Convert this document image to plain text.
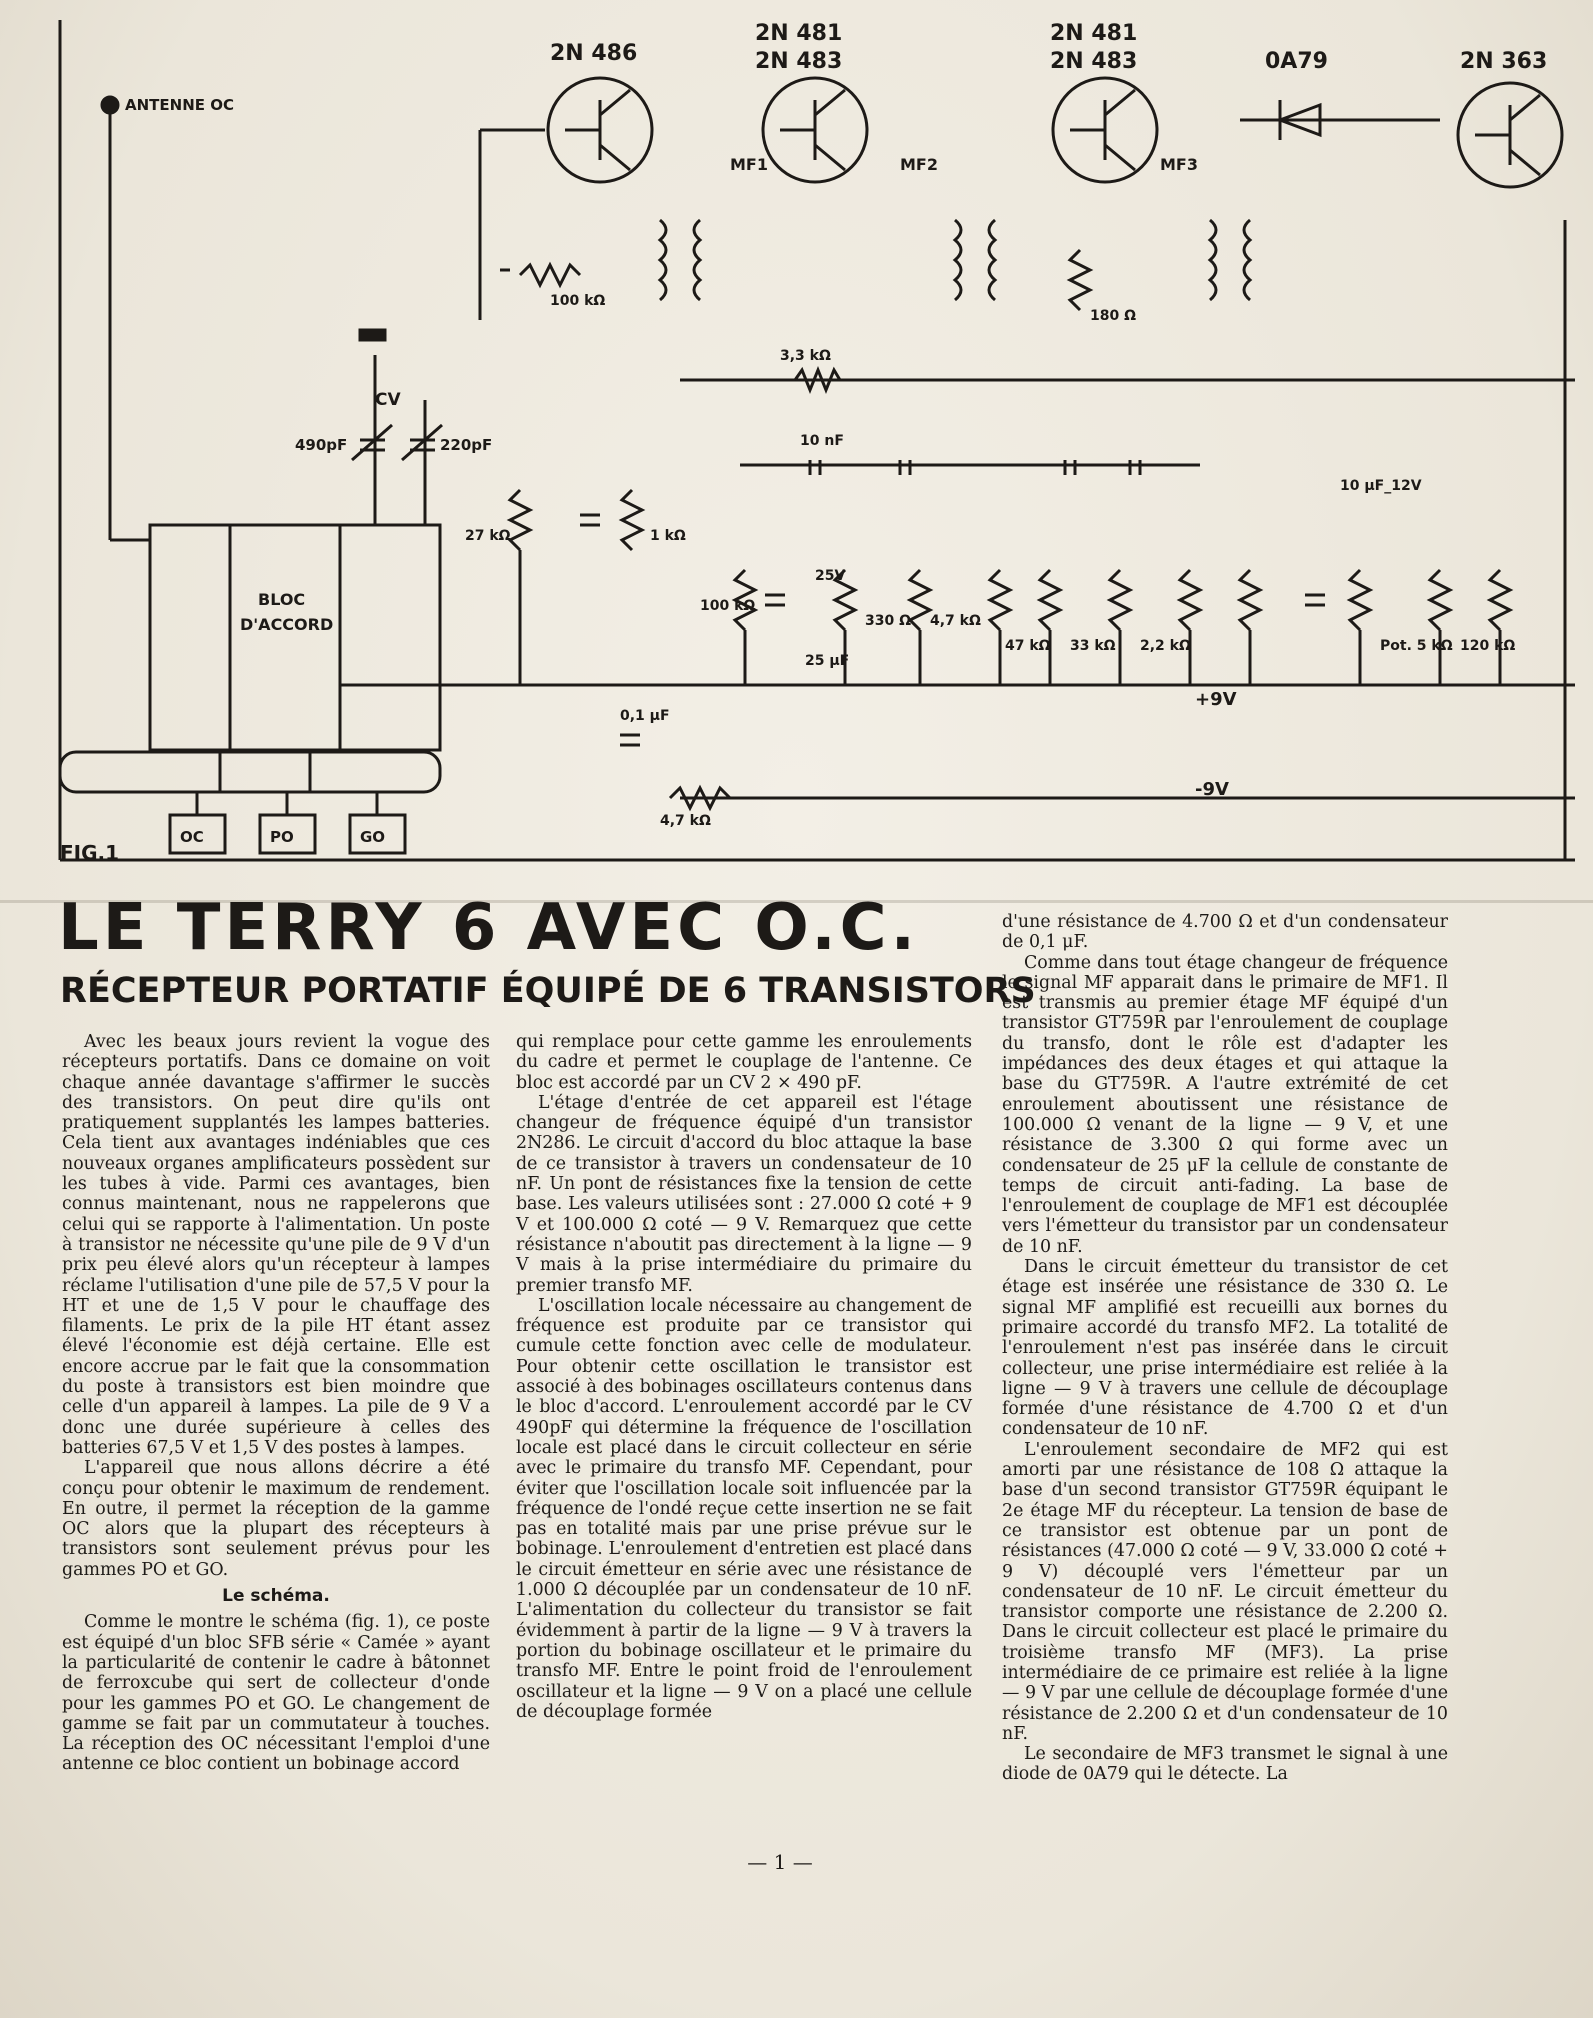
2N 486
2N 481
2N 483
2N 481
2N 483	2N 363
0A79
ANTENNE OC
MF1	MF2	MF3
BLOC
D'ACCORD
CV
490pF	220pF
OC	PO	GO
+9V
-9V
FIG.1
100 kΩ
3,3 kΩ
27 kΩ	1 kΩ
10 nF
100 kΩ
25V
25 μF
330 Ω 4,7 kΩ
47 kΩ 33 kΩ 2,2 kΩ
180 Ω
10 μF_12V
Pot. 5 kΩ 120 kΩ
0,1 μF
4,7 kΩ
LE TERRY 6 AVEC O.C.
RÉCEPTEUR PORTATIF ÉQUIPÉ DE 6 TRANSISTORS

Avec les beaux jours revient la vogue des récepteurs portatifs. Dans ce domaine on voit chaque année davantage s'affirmer le succès des transistors. On peut dire qu'ils ont pratiquement supplantés les lampes batteries. Cela tient aux avantages indéniables que ces nouveaux organes amplificateurs possèdent sur les tubes à vide. Parmi ces avantages, bien connus maintenant, nous ne rappelerons que celui qui se rapporte à l'alimentation. Un poste à transistor ne nécessite qu'une pile de 9 V d'un prix peu élevé alors qu'un récepteur à lampes réclame l'utilisation d'une pile de 57,5 V pour la HT et une de 1,5 V pour le chauffage des filaments. Le prix de la pile HT étant assez élevé l'économie est déjà certaine. Elle est encore accrue par le fait que la consommation du poste à transistors est bien moindre que celle d'un appareil à lampes. La pile de 9 V a donc une durée supérieure à celles des batteries 67,5 V et 1,5 V des postes à lampes.

L'appareil que nous allons décrire a été conçu pour obtenir le maximum de rendement. En outre, il permet la réception de la gamme OC alors que la plupart des récepteurs à transistors sont seulement prévus pour les gammes PO et GO.

Le schéma.

Comme le montre le schéma (fig. 1), ce poste est équipé d'un bloc SFB série « Camée » ayant la particularité de contenir le cadre à bâtonnet de ferroxcube qui sert de collecteur d'onde pour les gammes PO et GO. Le changement de gamme se fait par un commutateur à touches. La réception des OC nécessitant l'emploi d'une antenne ce bloc contient un bobinage accord

qui remplace pour cette gamme les enroulements du cadre et permet le couplage de l'antenne. Ce bloc est accordé par un CV 2 × 490 pF.

L'étage d'entrée de cet appareil est l'étage changeur de fréquence équipé d'un transistor 2N286. Le circuit d'accord du bloc attaque la base de ce transistor à travers un condensateur de 10 nF. Un pont de résistances fixe la tension de cette base. Les valeurs utilisées sont : 27.000 Ω coté + 9 V et 100.000 Ω coté — 9 V. Remarquez que cette résistance n'aboutit pas directement à la ligne — 9 V mais à la prise intermédiaire du primaire du premier transfo MF.

L'oscillation locale nécessaire au changement de fréquence est produite par ce transistor qui cumule cette fonction avec celle de modulateur. Pour obtenir cette oscillation le transistor est associé à des bobinages oscillateurs contenus dans le bloc d'accord. L'enroulement accordé par le CV 490pF qui détermine la fréquence de l'oscillation locale est placé dans le circuit collecteur en série avec le primaire du transfo MF. Cependant, pour éviter que l'oscillation locale soit influencée par la fréquence de l'ondé reçue cette insertion ne se fait pas en totalité mais par une prise prévue sur le bobinage. L'enroulement d'entretien est placé dans le circuit émetteur en série avec une résistance de 1.000 Ω découplée par un condensateur de 10 nF. L'alimentation du collecteur du transistor se fait évidemment à partir de la ligne — 9 V à travers la portion du bobinage oscillateur et le primaire du transfo MF. Entre le point froid de l'enroulement oscillateur et la ligne — 9 V on a placé une cellule de découplage formée

d'une résistance de 4.700 Ω et d'un condensateur de 0,1 μF.

Comme dans tout étage changeur de fréquence le signal MF apparait dans le primaire de MF1. Il est transmis au premier étage MF équipé d'un transistor GT759R par l'enroulement de couplage du transfo, dont le rôle est d'adapter les impédances des deux étages et qui attaque la base du GT759R. A l'autre extrémité de cet enroulement aboutissent une résistance de 100.000 Ω venant de la ligne — 9 V, et une résistance de 3.300 Ω qui forme avec un condensateur de 25 μF la cellule de constante de temps de circuit anti-fading. La base de l'enroulement de couplage de MF1 est découplée vers l'émetteur du transistor par un condensateur de 10 nF.

Dans le circuit émetteur du transistor de cet étage est insérée une résistance de 330 Ω. Le signal MF amplifié est recueilli aux bornes du primaire accordé du transfo MF2. La totalité de l'enroulement n'est pas insérée dans le circuit collecteur, une prise intermédiaire est reliée à la ligne — 9 V à travers une cellule de découplage formée d'une résistance de 4.700 Ω et d'un condensateur de 10 nF.

L'enroulement secondaire de MF2 qui est amorti par une résistance de 108 Ω attaque la base d'un second transistor GT759R équipant le 2e étage MF du récepteur. La tension de base de ce transistor est obtenue par un pont de résistances (47.000 Ω coté — 9 V, 33.000 Ω coté + 9 V) découplé vers l'émetteur par un condensateur de 10 nF. Le circuit émetteur du transistor comporte une résistance de 2.200 Ω. Dans le circuit collecteur est placé le primaire du troisième transfo MF (MF3). La prise intermédiaire de ce primaire est reliée à la ligne — 9 V par une cellule de découplage formée d'une résistance de 2.200 Ω et d'un condensateur de 10 nF.

Le secondaire de MF3 transmet le signal à une diode de 0A79 qui le détecte. La

— 1 —
